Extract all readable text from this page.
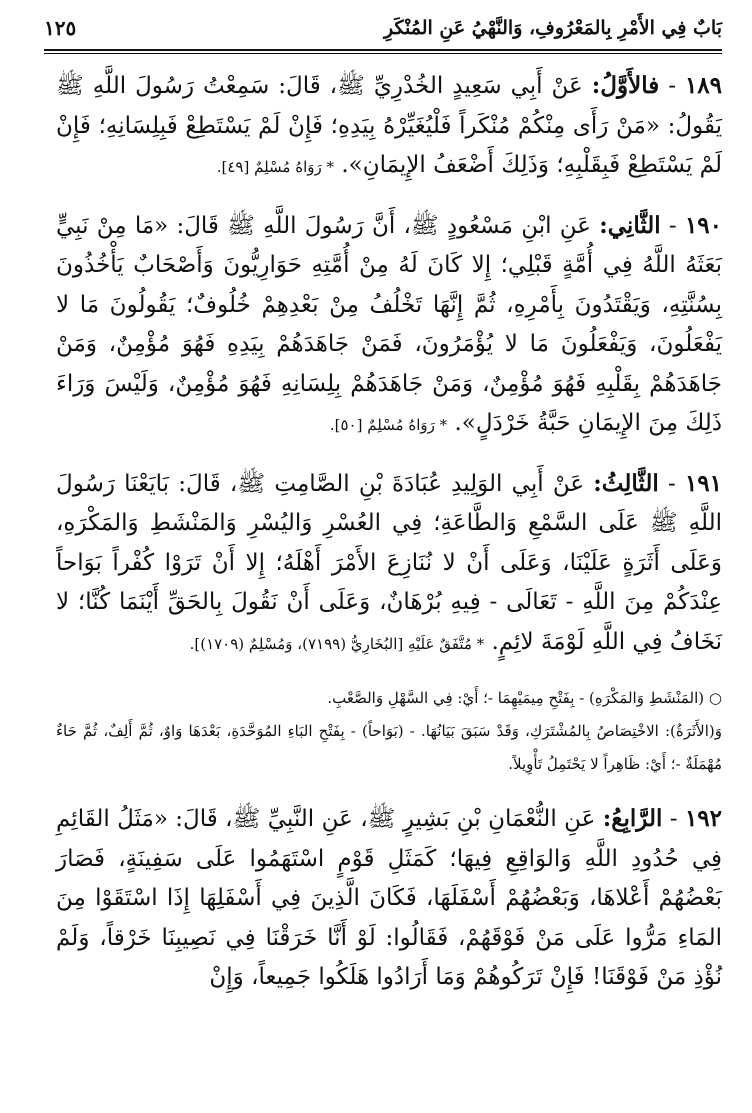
بَابٌ فِي الأَمْرِ بِالمَعْرُوفِ، وَالنَّهْيُ عَنِ المُنْكَرِ
١٢٥

١٨٩ - فالأَوَّلُ: عَنْ أَبِي سَعِيدٍ الخُدْرِيِّ ﷺ، قَالَ: سَمِعْتُ رَسُولَ اللَّهِ ﷺ يَقُولُ: «مَنْ رَأَى مِنْكُمْ مُنْكَراً فَلْيُغَيِّرْهُ بِيَدِهِ؛ فَإِنْ لَمْ يَسْتَطِعْ فَبِلِسَانِهِ؛ فَإِنْ لَمْ يَسْتَطِعْ فَبِقَلْبِهِ؛ وَذَلِكَ أَضْعَفُ الإِيمَانِ». * رَوَاهُ مُسْلِمٌ [٤٩].

١٩٠ - الثَّانِي: عَنِ ابْنِ مَسْعُودٍ ﷺ، أَنَّ رَسُولَ اللَّهِ ﷺ قَالَ: «مَا مِنْ نَبِيٍّ بَعَثَهُ اللَّهُ فِي أُمَّةٍ قَبْلِي؛ إِلا كَانَ لَهُ مِنْ أُمَّتِهِ حَوَارِيُّونَ وَأَصْحَابٌ يَأْخُذُونَ بِسُنَّتِهِ، وَيَقْتَدُونَ بِأَمْرِهِ، ثُمَّ إِنَّهَا تَخْلُفُ مِنْ بَعْدِهِمْ خُلُوفٌ؛ يَقُولُونَ مَا لا يَفْعَلُونَ، وَيَفْعَلُونَ مَا لا يُؤْمَرُونَ، فَمَنْ جَاهَدَهُمْ بِيَدِهِ فَهُوَ مُؤْمِنٌ، وَمَنْ جَاهَدَهُمْ بِقَلْبِهِ فَهُوَ مُؤْمِنٌ، وَمَنْ جَاهَدَهُمْ بِلِسَانِهِ فَهُوَ مُؤْمِنٌ، وَلَيْسَ وَرَاءَ ذَلِكَ مِنَ الإِيمَانِ حَبَّةُ خَرْدَلٍ». * رَوَاهُ مُسْلِمٌ [٥٠].

١٩١ - الثَّالِثُ: عَنْ أَبِي الوَلِيدِ عُبَادَةَ بْنِ الصَّامِتِ ﷺ، قَالَ: بَايَعْنَا رَسُولَ اللَّهِ ﷺ عَلَى السَّمْعِ وَالطَّاعَةِ؛ فِي العُسْرِ وَاليُسْرِ وَالمَنْشَطِ وَالمَكْرَهِ، وَعَلَى أَثَرَةٍ عَلَيْنَا، وَعَلَى أَنْ لا نُنَازِعَ الأَمْرَ أَهْلَهُ؛ إِلا أَنْ تَرَوْا كُفْراً بَوَاحاً عِنْدَكُمْ مِنَ اللَّهِ - تَعَالَى - فِيهِ بُرْهَانٌ، وَعَلَى أَنْ نَقُولَ بِالحَقِّ أَيْنَمَا كُنَّا؛ لا نَخَافُ فِي اللَّهِ لَوْمَةَ لائِمٍ. * مُتَّفَقٌ عَلَيْهِ [البُخَارِيُّ (٧١٩٩)، وَمُسْلِمٌ (١٧٠٩)].

○ (المَنْشَطِ وَالمَكْرَهِ) - بِفَتْحِ مِيمَيْهِمَا -؛ أَيْ: فِي السَّهْلِ وَالصَّعْبِ.

وَ(الأَثَرَةُ): الاخْتِصَاصُ بِالمُشْتَرَكِ، وَقَدْ سَبَقَ بَيَانُهَا. - (بَوَاحاً) - بِفَتْحِ البَاءِ المُوَحَّدَةِ، بَعْدَهَا وَاوٌ، ثُمَّ أَلِفٌ، ثُمَّ حَاءٌ مُهْمَلَةٌ -؛ أَيْ: ظَاهِراً لا يَحْتَمِلُ تَأْوِيلاً.

١٩٢ - الرَّابِعُ: عَنِ النُّعْمَانِ بْنِ بَشِيرٍ ﷺ، عَنِ النَّبِيِّ ﷺ، قَالَ: «مَثَلُ القَائِمِ فِي حُدُودِ اللَّهِ وَالوَاقِعِ فِيهَا؛ كَمَثَلِ قَوْمٍ اسْتَهَمُوا عَلَى سَفِينَةٍ، فَصَارَ بَعْضُهُمْ أَعْلاهَا، وَبَعْضُهُمْ أَسْفَلَهَا، فَكَانَ الَّذِينَ فِي أَسْفَلِهَا إِذَا اسْتَقَوْا مِنَ المَاءِ مَرُّوا عَلَى مَنْ فَوْقَهُمْ، فَقَالُوا: لَوْ أَنَّا خَرَقْنَا فِي نَصِيبِنَا خَرْقاً، وَلَمْ نُؤْذِ مَنْ فَوْقَنَا! فَإِنْ تَرَكُوهُمْ وَمَا أَرَادُوا هَلَكُوا جَمِيعاً، وَإِنْ
